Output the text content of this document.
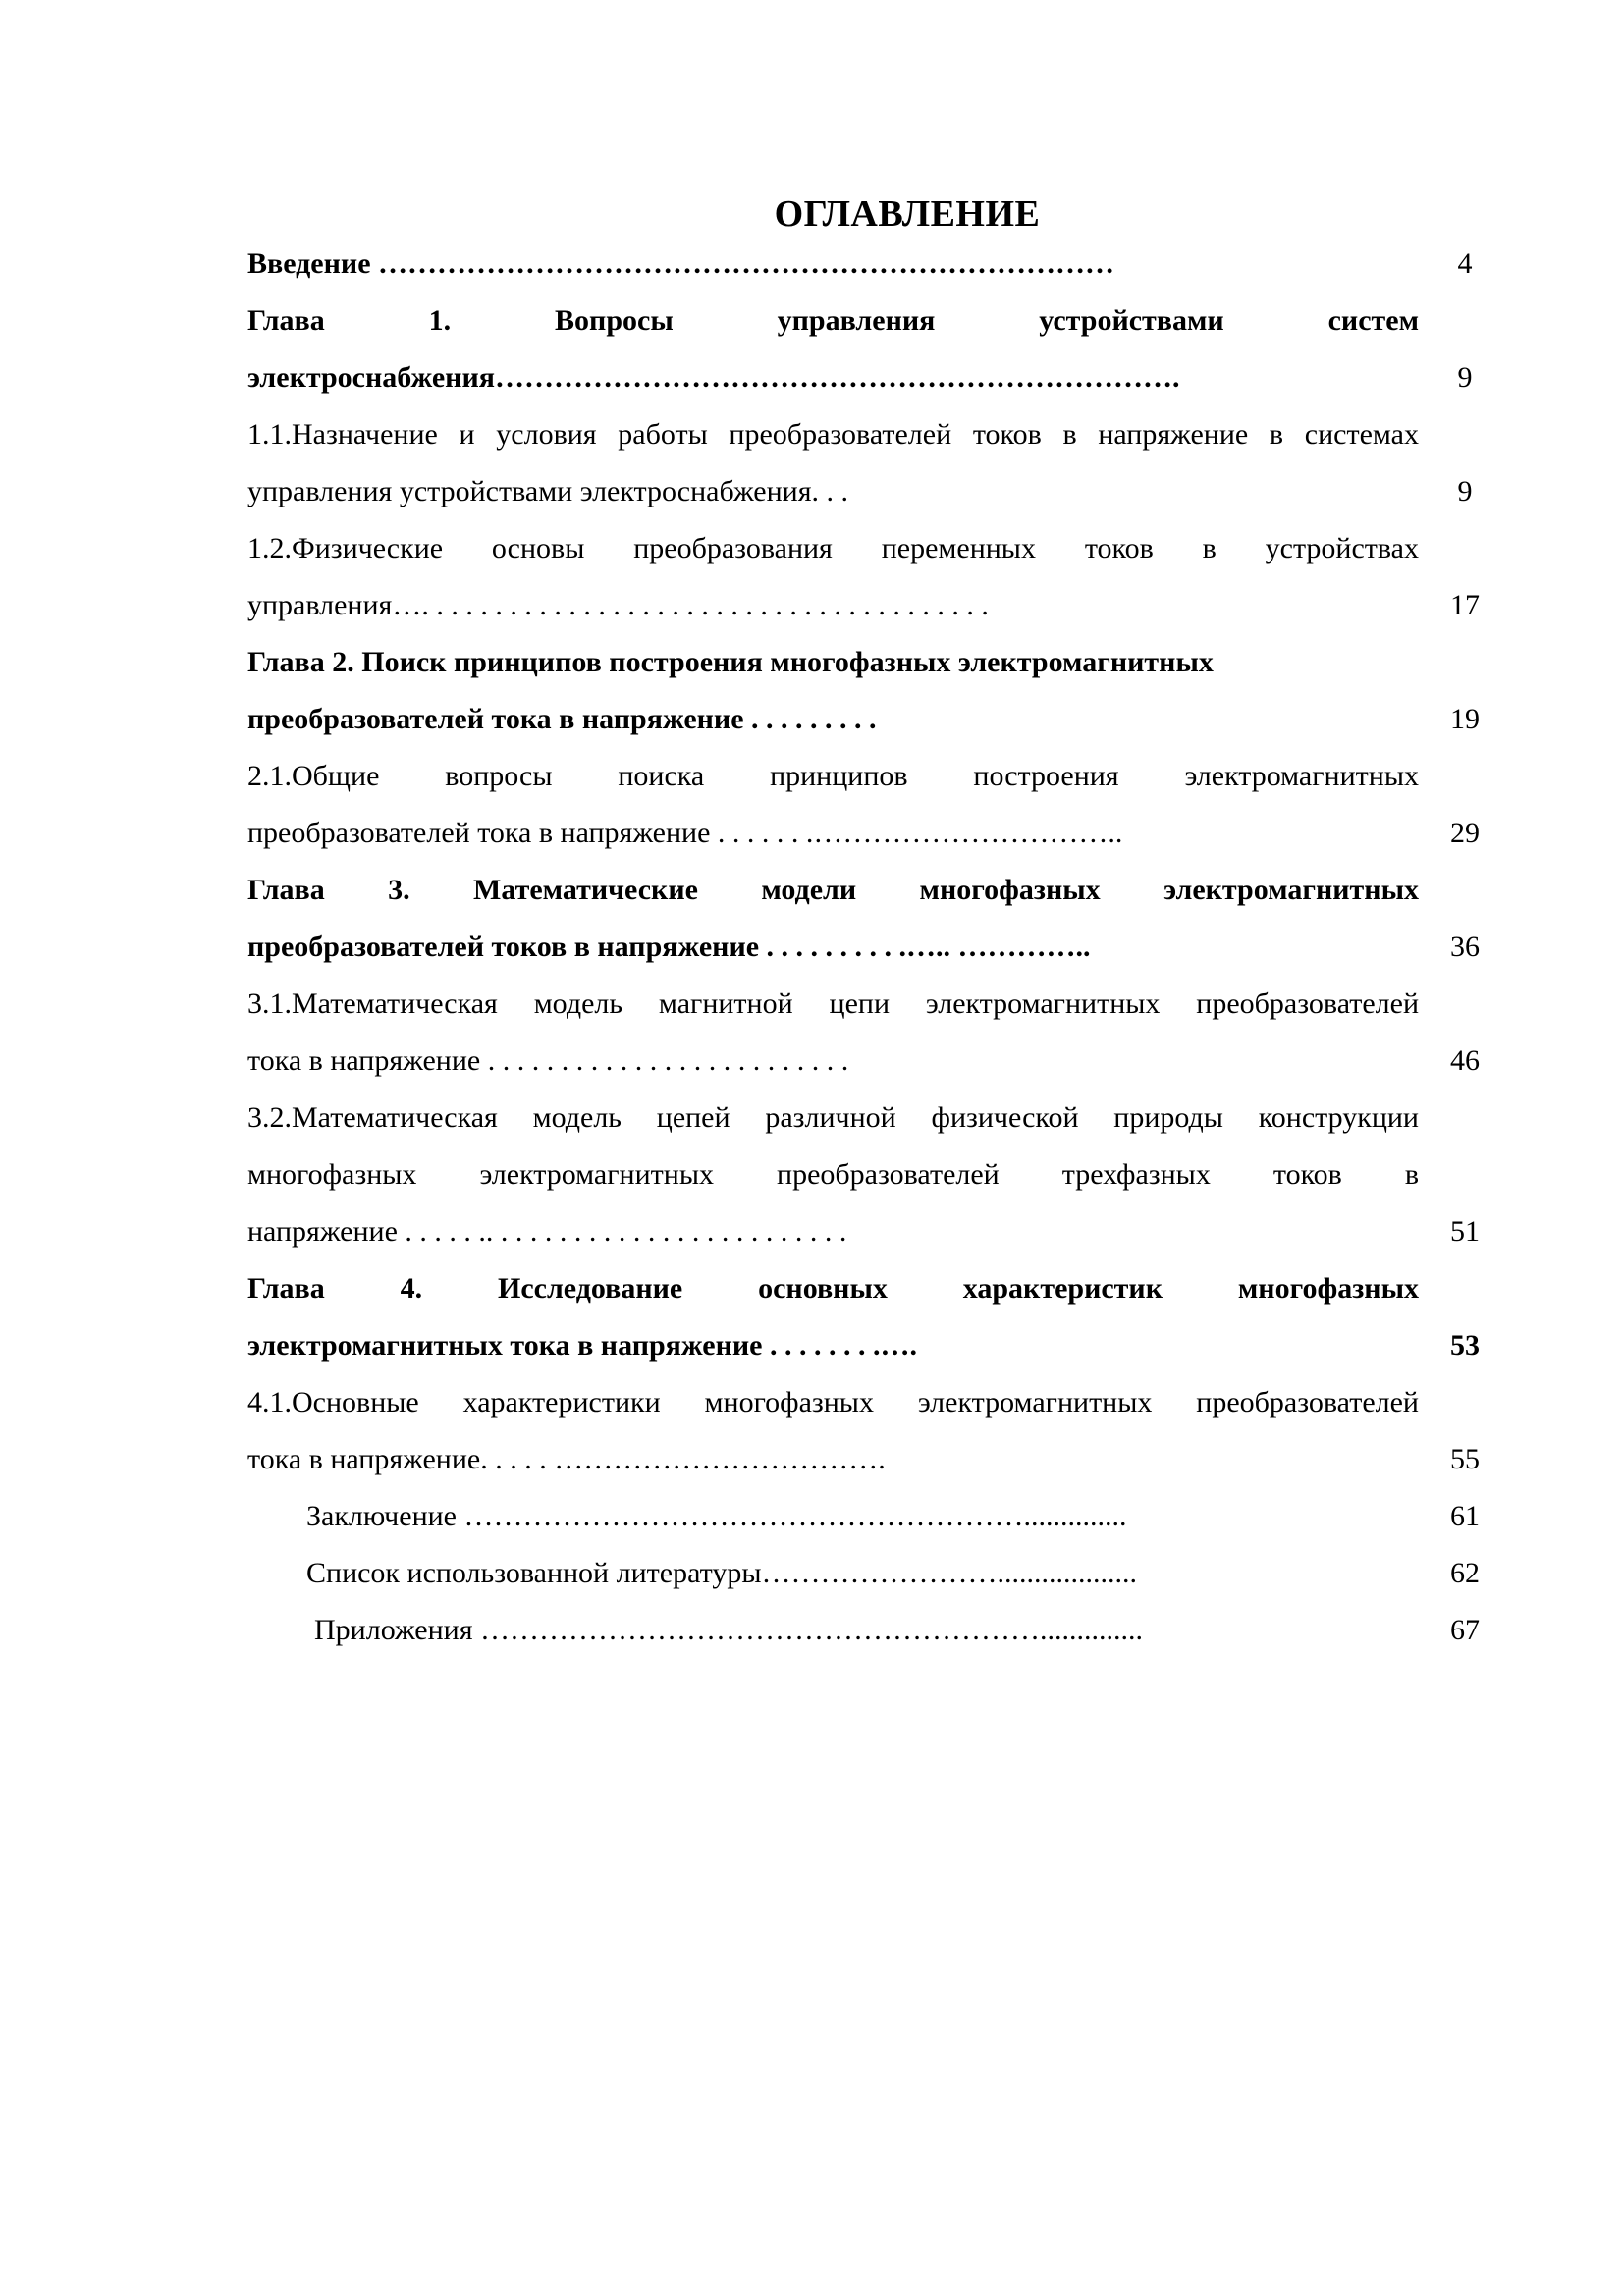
ОГЛАВЛЕНИЕ
Введение …………………………………………………………………	4
Глава 1. Вопросы управления устройствами систем
электроснабжения…………………………………………………………….	9
1.1.Назначение и условия работы преобразователей токов в напряжение в системах
управления устройствами электроснабжения. . .	9
1.2.Физические основы преобразования переменных токов в устройствах
управления…. . . . . . . . . . . . . . . . . . . . . . . . . . . . . . . . . . . . . . .	17
Глава 2. Поиск принципов построения многофазных электромагнитных
преобразователей тока в напряжение . . . . . . . . .	19
2.1.Общие вопросы поиска принципов построения электромагнитных
преобразователей тока в напряжение . . . . . . .…………………………..	29
Глава 3. Математические модели многофазных электромагнитных
преобразователей токов в напряжение . . . . . . . . . .….. …………..	36
3.1.Математическая модель магнитной цепи электромагнитных преобразователей
тока в напряжение . . . . . . . . . . . . . . . . . . . . . . . . .	46
3.2.Математическая модель цепей различной физической природы конструкции
многофазных электромагнитных преобразователей трехфазных токов в
напряжение . . . . . .. . . . . . . . . . . . . . . . . . . . . . . . .	51
Глава 4. Исследование основных характеристик многофазных
электромагнитных тока в напряжение . . . . . . . .….	53
4.1.Основные характеристики многофазных электромагнитных преобразователей
тока в напряжение. . . . . …………………………….	55
Заключение …………………………………………………..............	61
Список использованной литературы……………………...................	62
Приложения …………………………………………………..............	67
